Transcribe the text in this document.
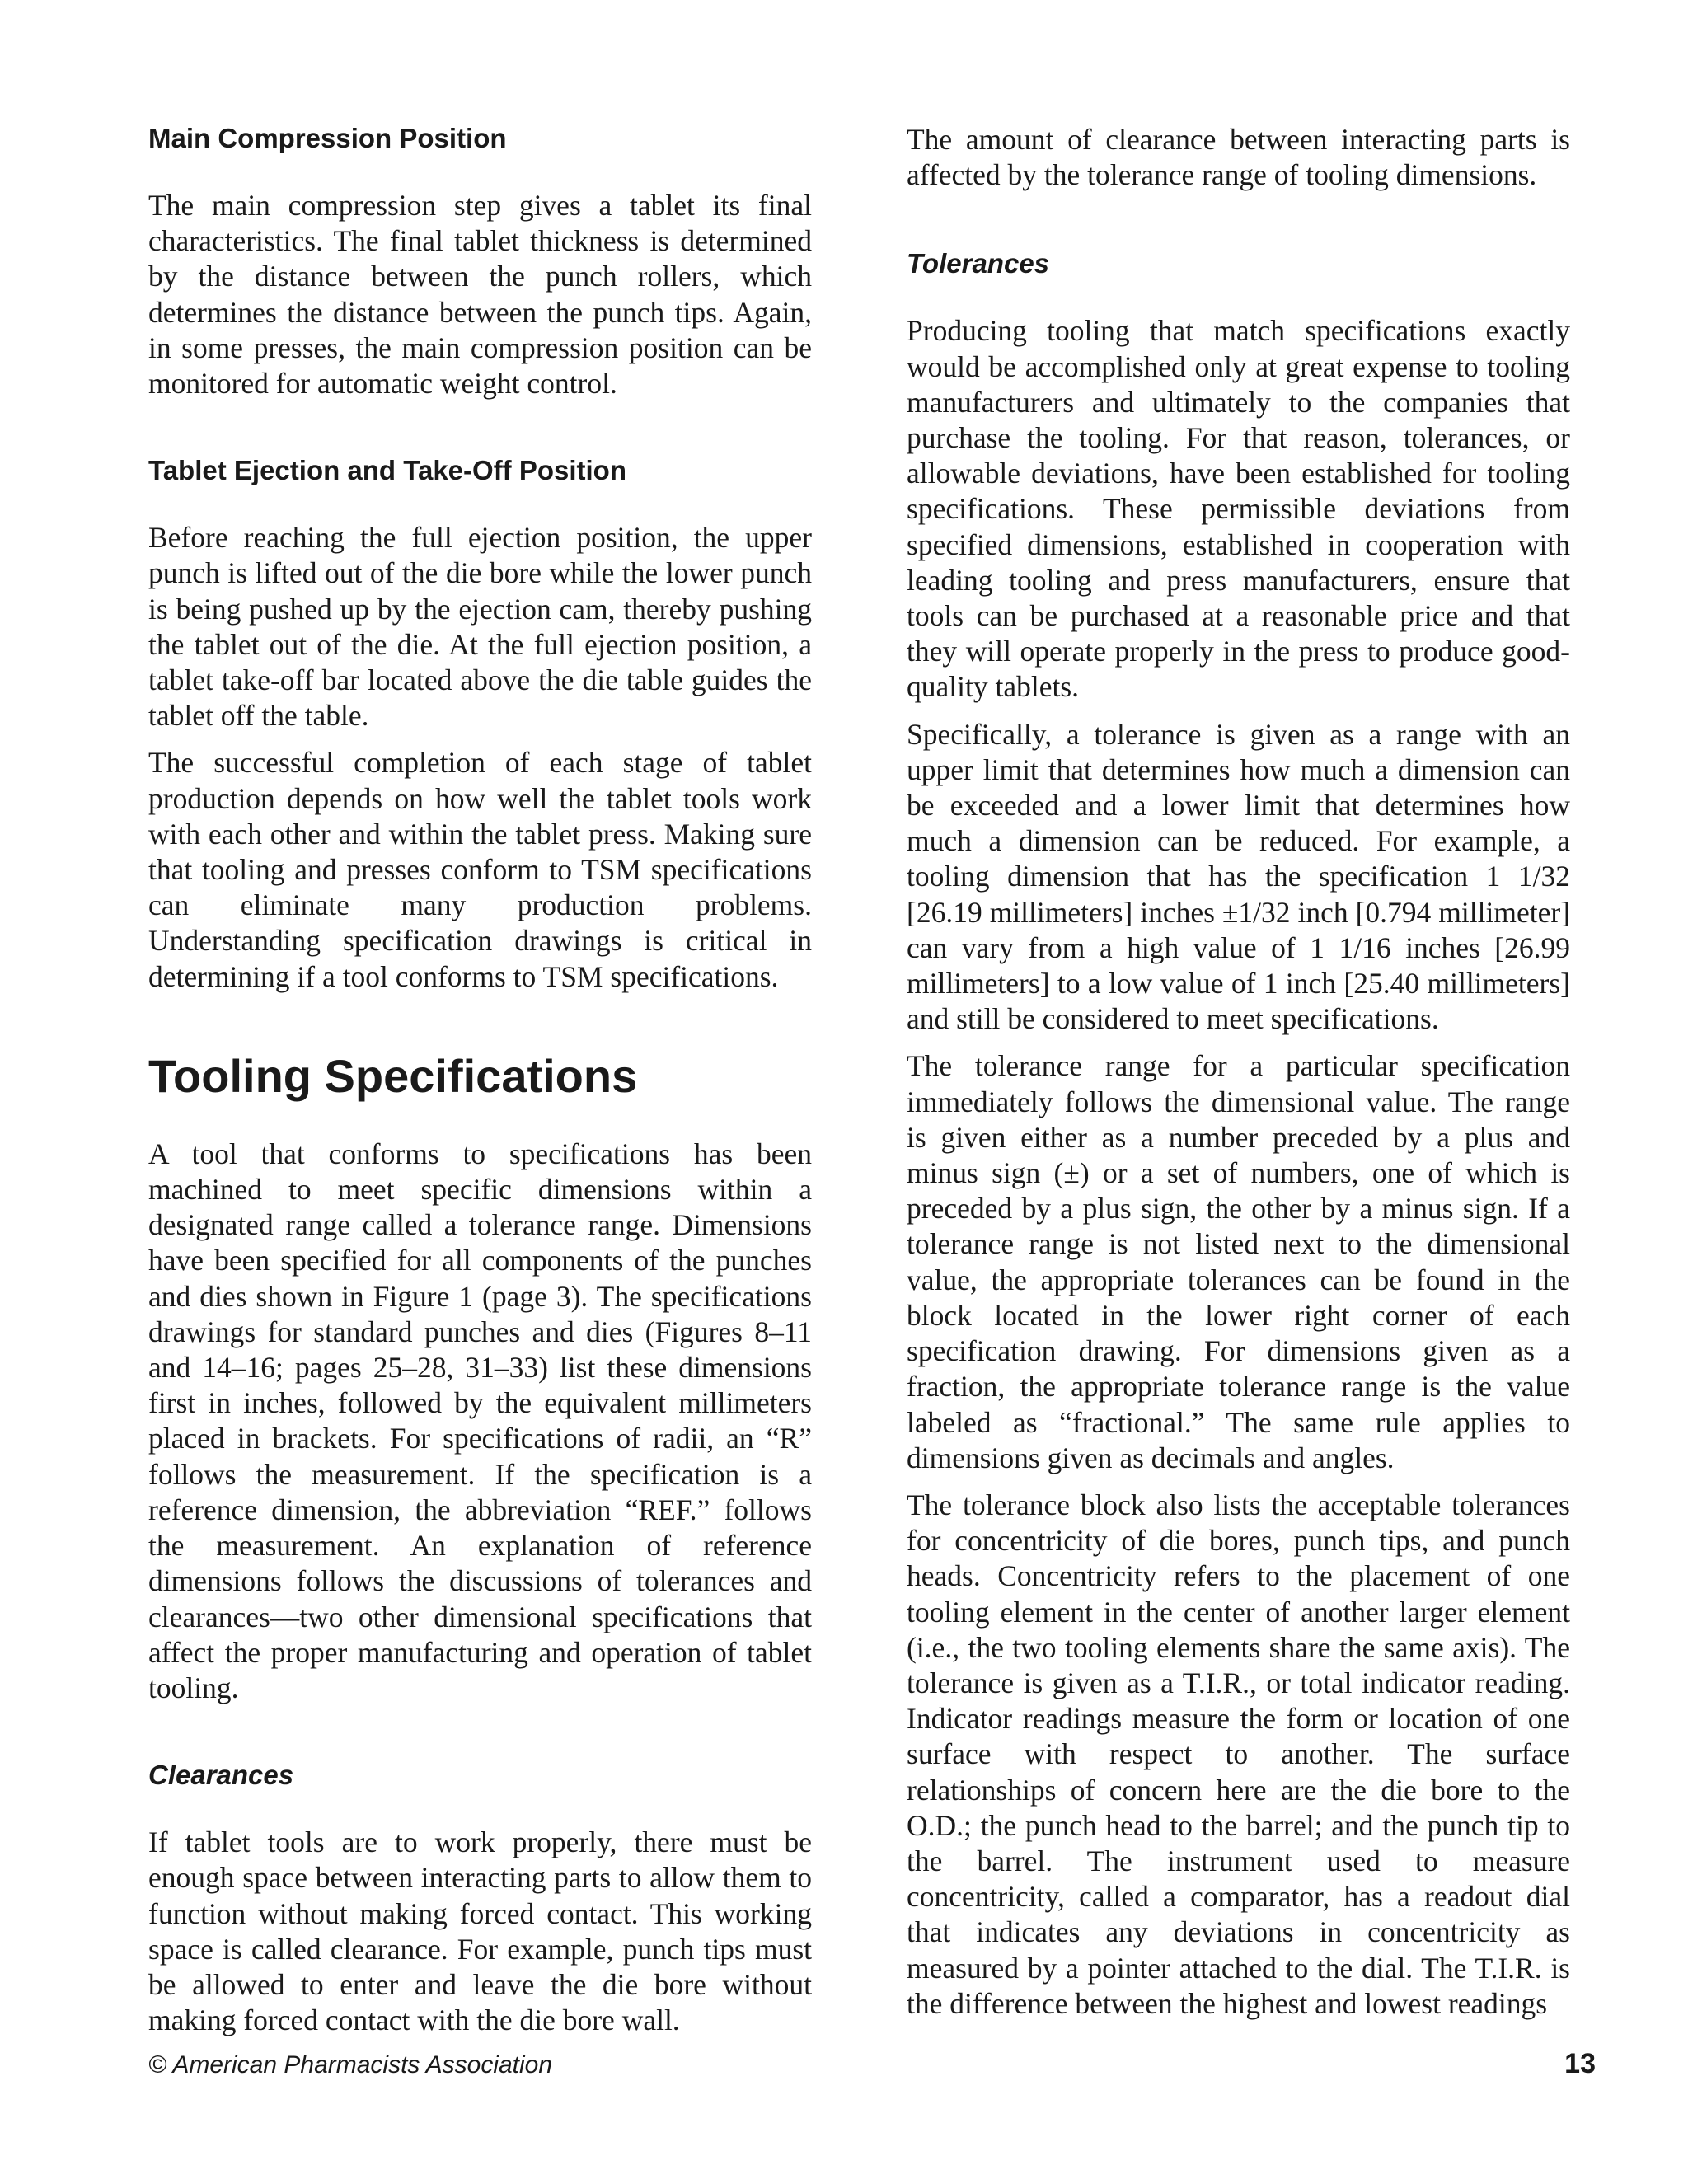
Main Compression Position

The main compression step gives a tablet its final characteristics. The final tablet thickness is determined by the distance between the punch rollers, which determines the distance between the punch tips. Again, in some presses, the main compression position can be monitored for automatic weight control.

Tablet Ejection and Take-Off Position

Before reaching the full ejection position, the upper punch is lifted out of the die bore while the lower punch is being pushed up by the ejection cam, thereby pushing the tablet out of the die. At the full ejection position, a tablet take-off bar located above the die table guides the tablet off the table.

The successful completion of each stage of tablet production depends on how well the tablet tools work with each other and within the tablet press. Making sure that tooling and presses conform to TSM specifications can eliminate many production problems. Understanding specification drawings is critical in determining if a tool conforms to TSM specifications.

Tooling Specifications

A tool that conforms to specifications has been machined to meet specific dimensions within a designated range called a tolerance range. Dimensions have been specified for all components of the punches and dies shown in Figure 1 (page 3). The specifications drawings for standard punches and dies (Figures 8–11 and 14–16; pages 25–28, 31–33) list these dimensions first in inches, followed by the equivalent millimeters placed in brackets. For specifications of radii, an “R” follows the measurement. If the specification is a reference dimension, the abbreviation “REF.” follows the measurement. An explanation of reference dimensions follows the discussions of tolerances and clearances—two other dimensional specifications that affect the proper manufacturing and operation of tablet tooling.

Clearances

If tablet tools are to work properly, there must be enough space between interacting parts to allow them to function without making forced contact. This working space is called clearance. For example, punch tips must be allowed to enter and leave the die bore without making forced contact with the die bore wall.

The amount of clearance between interacting parts is affected by the tolerance range of tooling dimensions.

Tolerances

Producing tooling that match specifications exactly would be accomplished only at great expense to tooling manufacturers and ultimately to the companies that purchase the tooling. For that reason, tolerances, or allowable deviations, have been established for tooling specifications. These permissible deviations from specified dimensions, established in cooperation with leading tooling and press manufacturers, ensure that tools can be purchased at a reasonable price and that they will operate properly in the press to produce good-quality tablets.

Specifically, a tolerance is given as a range with an upper limit that determines how much a dimension can be exceeded and a lower limit that determines how much a dimension can be reduced. For example, a tooling dimension that has the specification 1 1/32 [26.19 millimeters] inches ±1/32 inch [0.794 millimeter] can vary from a high value of 1 1/16 inches [26.99 millimeters] to a low value of 1 inch [25.40 millimeters] and still be considered to meet specifications.

The tolerance range for a particular specification immediately follows the dimensional value. The range is given either as a number preceded by a plus and minus sign (±) or a set of numbers, one of which is preceded by a plus sign, the other by a minus sign. If a tolerance range is not listed next to the dimensional value, the appropriate tolerances can be found in the block located in the lower right corner of each specification drawing. For dimensions given as a fraction, the appropriate tolerance range is the value labeled as “fractional.” The same rule applies to dimensions given as decimals and angles.

The tolerance block also lists the acceptable tolerances for concentricity of die bores, punch tips, and punch heads. Concentricity refers to the placement of one tooling element in the center of another larger element (i.e., the two tooling elements share the same axis). The tolerance is given as a T.I.R., or total indicator reading. Indicator readings measure the form or location of one surface with respect to another. The surface relationships of concern here are the die bore to the O.D.; the punch head to the barrel; and the punch tip to the barrel. The instrument used to measure concentricity, called a comparator, has a readout dial that indicates any deviations in concentricity as measured by a pointer attached to the dial. The T.I.R. is the difference between the highest and lowest readings

© American Pharmacists Association	13
